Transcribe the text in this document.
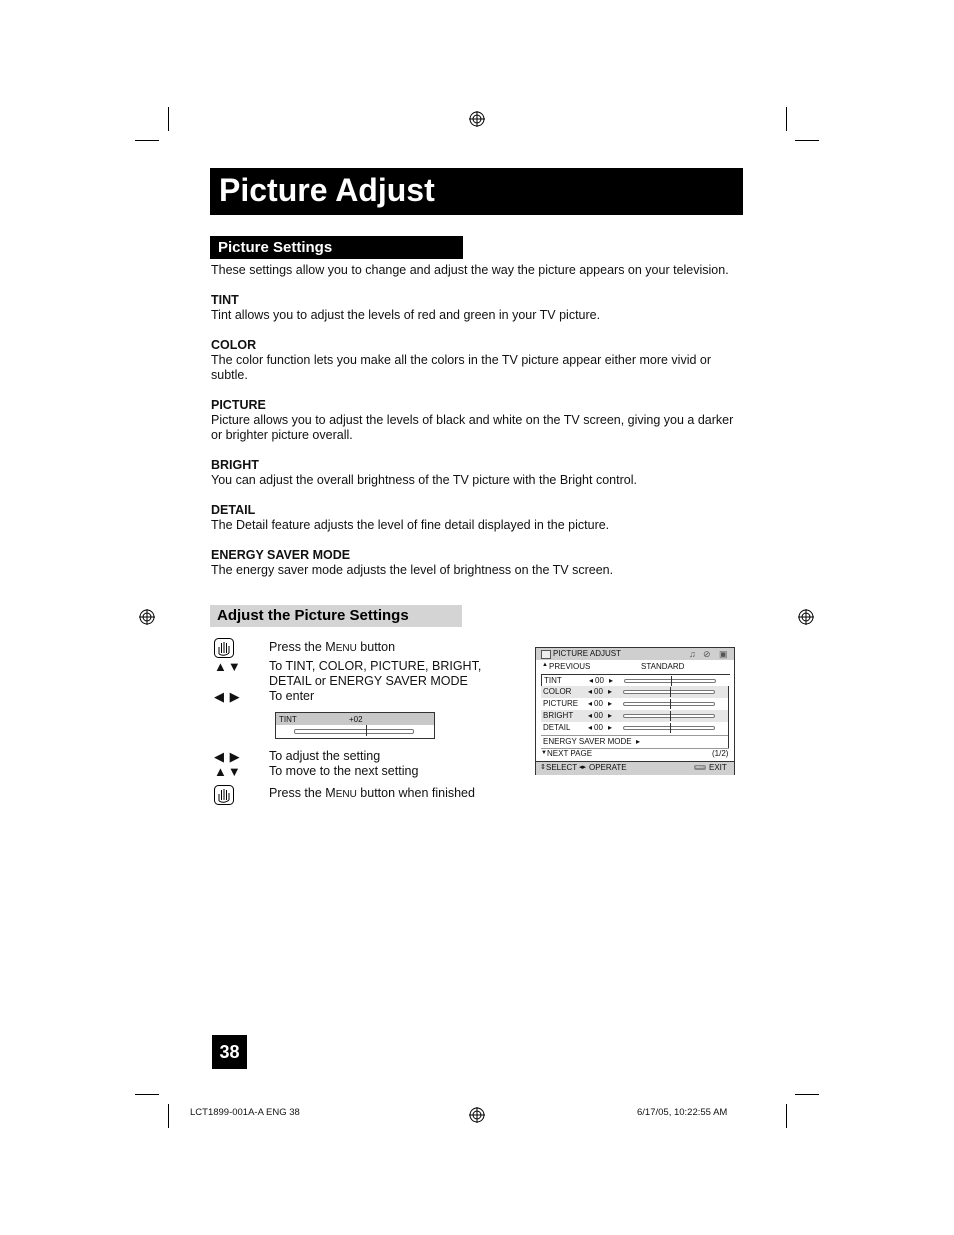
Picture Adjust
Picture Settings
These settings allow you to change and adjust the way the picture appears on your television.
TINT
Tint allows you to adjust the levels of red and green in your TV picture.
COLOR
The color function lets you make all the colors in the TV picture appear either more vivid or
subtle.
PICTURE
Picture allows you to adjust the levels of black and white on the TV screen, giving you a darker
or brighter picture overall.
BRIGHT
You can adjust the overall brightness of the TV picture with the Bright control.
DETAIL
The Detail feature adjusts the level of fine detail displayed in the picture.
ENERGY SAVER MODE
The energy saver mode adjusts the level of brightness on the TV screen.
Adjust the Picture Settings
Press the MENU button
▲▼ To TINT, COLOR, PICTURE, BRIGHT,
DETAIL or ENERGY SAVER MODE
◀ ▶ To enter
TINT	+02
◀ ▶ To adjust the setting
▲▼ To move to the next setting
Press the MENU button when finished
PICTURE ADJUST	♫ ⊘ ▣
▲ PREVIOUS	STANDARD
TINT	◂ 00 ▸
COLOR ◂ 00 ▸
PICTURE ◂ 00 ▸
BRIGHT ◂ 00 ▸
DETAIL ◂ 00 ▸
ENERGY SAVER MODE ▸
▼ NEXT PAGE	(1/2)
⇕ SELECT ◂▸ OPERATE	MENU EXIT
38
LCT1899-001A-A ENG 38	6/17/05, 10:22:55 AM
